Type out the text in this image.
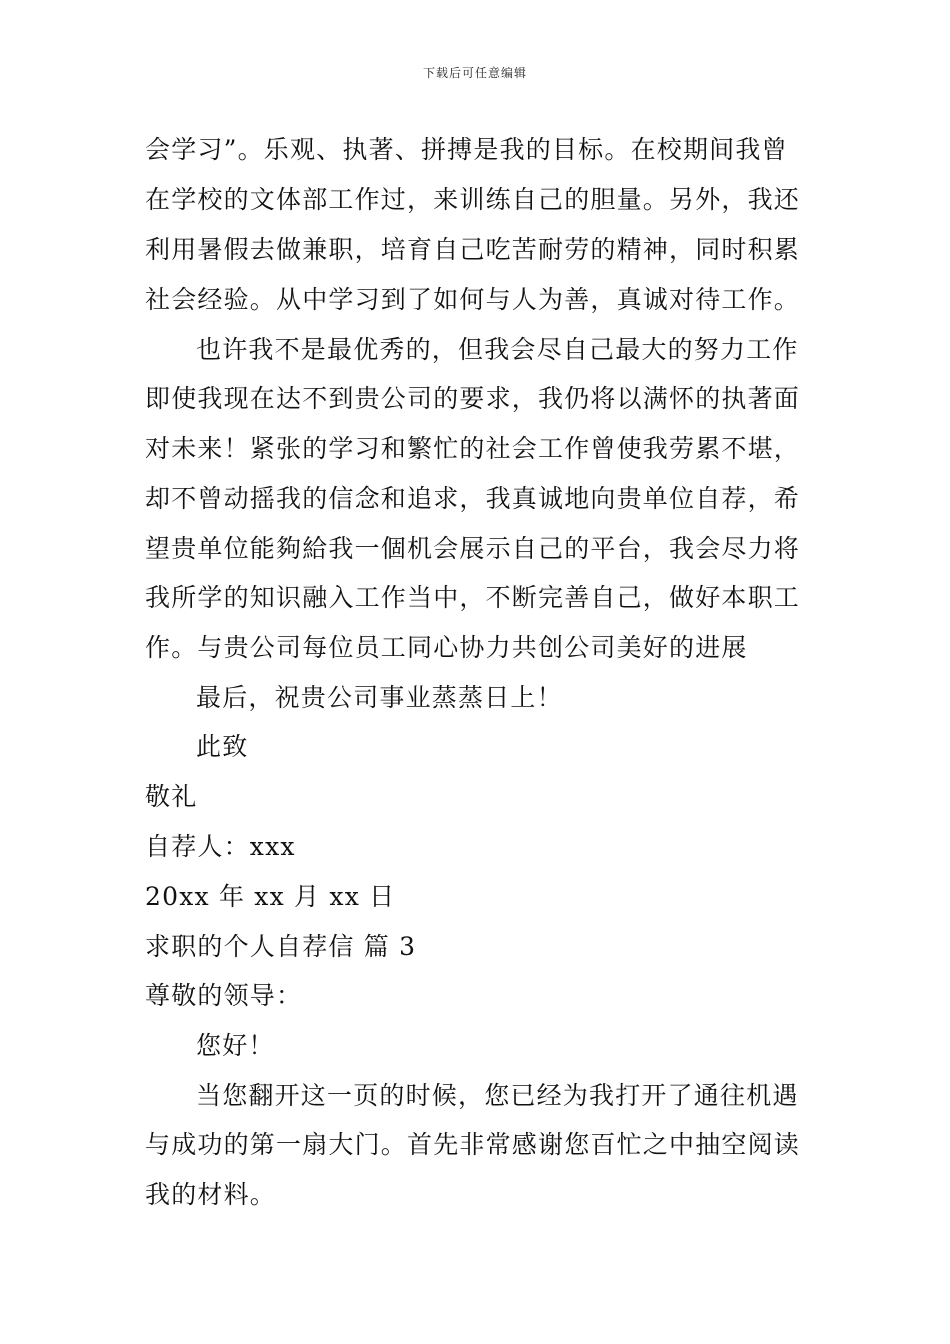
下载后可任意编辑
会学习”。乐观、执著、拼搏是我的目标。在校期间我曾
在学校的文体部工作过，来训练自己的胆量。另外，我还
利用暑假去做兼职，培育自己吃苦耐劳的精神，同时积累
社会经验。从中学习到了如何与人为善，真诚对待工作。
也许我不是最优秀的，但我会尽自己最大的努力工作
即使我现在达不到贵公司的要求，我仍将以满怀的执著面
对未来！紧张的学习和繁忙的社会工作曾使我劳累不堪，
却不曾动摇我的信念和追求，我真诚地向贵单位自荐，希
望贵单位能夠給我一個机会展示自己的平台，我会尽力将
我所学的知识融入工作当中，不断完善自己，做好本职工
作。与贵公司每位员工同心协力共创公司美好的进展
最后，祝贵公司事业蒸蒸日上！
此致
敬礼
自荐人：xxx
20xx 年 xx 月 xx 日
求职的个人自荐信 篇 3
尊敬的领导：
您好！
当您翻开这一页的时候，您已经为我打开了通往机遇
与成功的第一扇大门。首先非常感谢您百忙之中抽空阅读
我的材料。
